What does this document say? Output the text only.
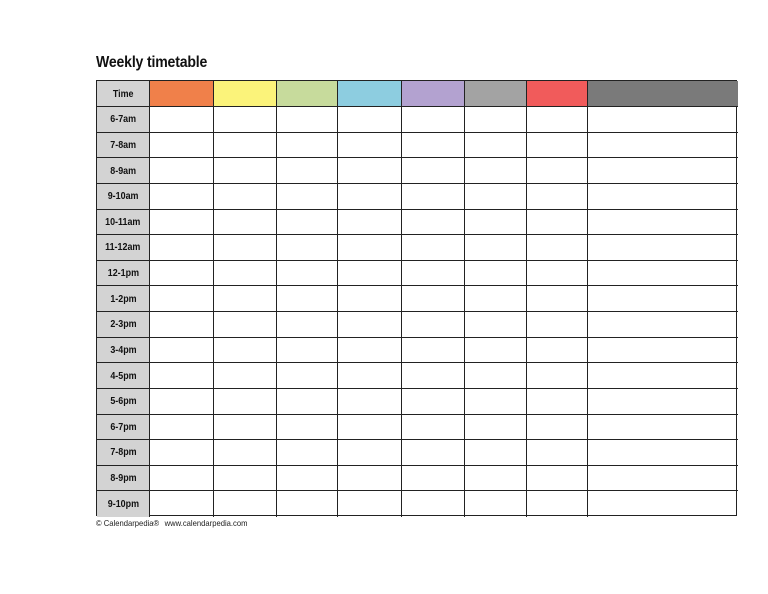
Weekly timetable
Time
6-7am
7-8am
8-9am
9-10am
10-11am
11-12am
12-1pm
1-2pm
2-3pm
3-4pm
4-5pm
5-6pm
6-7pm
7-8pm
8-9pm
9-10pm
© Calendarpedia® www.calendarpedia.com
